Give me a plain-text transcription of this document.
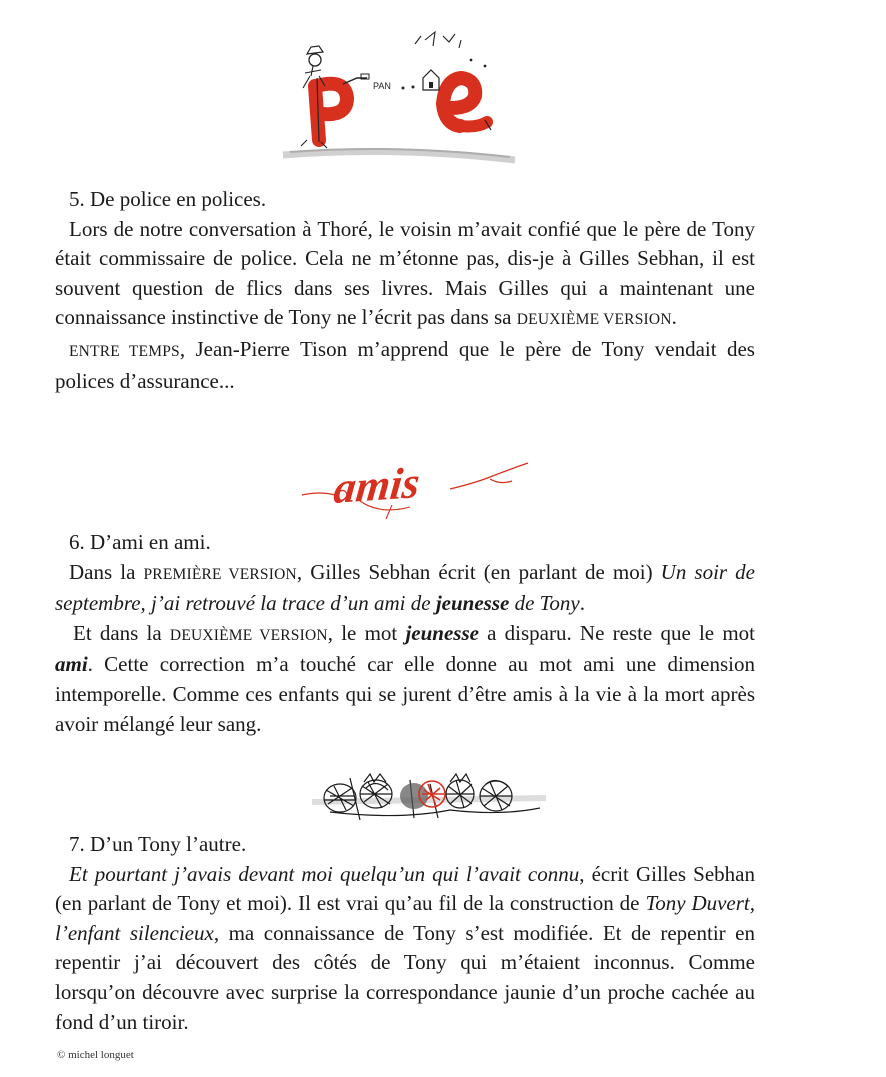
PAN

5. De police en polices.

Lors de notre conversation à Thoré, le voisin m’avait confié que le père de Tony était commissaire de police. Cela ne m’étonne pas, dis-je à Gilles Sebhan, il est souvent question de flics dans ses livres. Mais Gilles qui a maintenant une connaissance instinctive de Tony ne l’écrit pas dans sa DEUXIÈME VERSION.

ENTRE TEMPS, Jean-Pierre Tison m’apprend que le père de Tony vendait des polices d’assurance...

amis

6. D’ami en ami.

Dans la PREMIÈRE VERSION, Gilles Sebhan écrit (en parlant de moi) Un soir de septembre, j’ai retrouvé la trace d’un ami de jeunesse de Tony.

Et dans la DEUXIÈME VERSION, le mot jeunesse a disparu. Ne reste que le mot ami. Cette correction m’a touché car elle donne au mot ami une dimension intemporelle. Comme ces enfants qui se jurent d’être amis à la vie à la mort après avoir mélangé leur sang.

7. D’un Tony l’autre.

Et pourtant j’avais devant moi quelqu’un qui l’avait connu, écrit Gilles Sebhan (en parlant de Tony et moi). Il est vrai qu’au fil de la construction de Tony Duvert, l’enfant silencieux, ma connaissance de Tony s’est modifiée. Et de repentir en repentir j’ai découvert des côtés de Tony qui m’étaient inconnus. Comme lorsqu’on découvre avec surprise la correspondance jaunie d’un proche cachée au fond d’un tiroir.

© michel longuet
